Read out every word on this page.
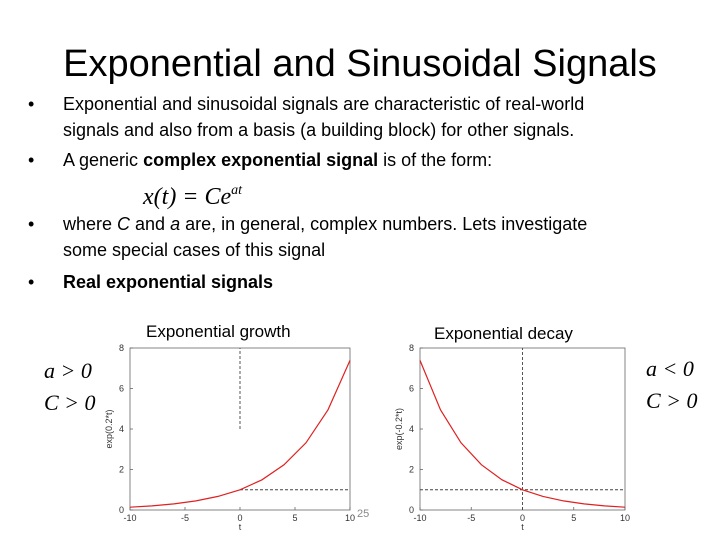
Exponential and Sinusoidal Signals
• Exponential and sinusoidal signals are characteristic of real-world
signals and also from a basis (a building block) for other signals.
• A generic complex exponential signal is of the form:
$x(t) = Ce^{at}$
• where C and a are, in general, complex numbers. Lets investigate
some special cases of this signal
• Real exponential signals
Exponential growth	Exponential decay
a > 0
C > 0
a < 0
C > 0
-10	-5	0	5	10
0
2
4
6
8
t
exp(0.2*t)
-10	-5	0	5	10
0
2
4
6
8
t
exp(-0.2*t)
25
